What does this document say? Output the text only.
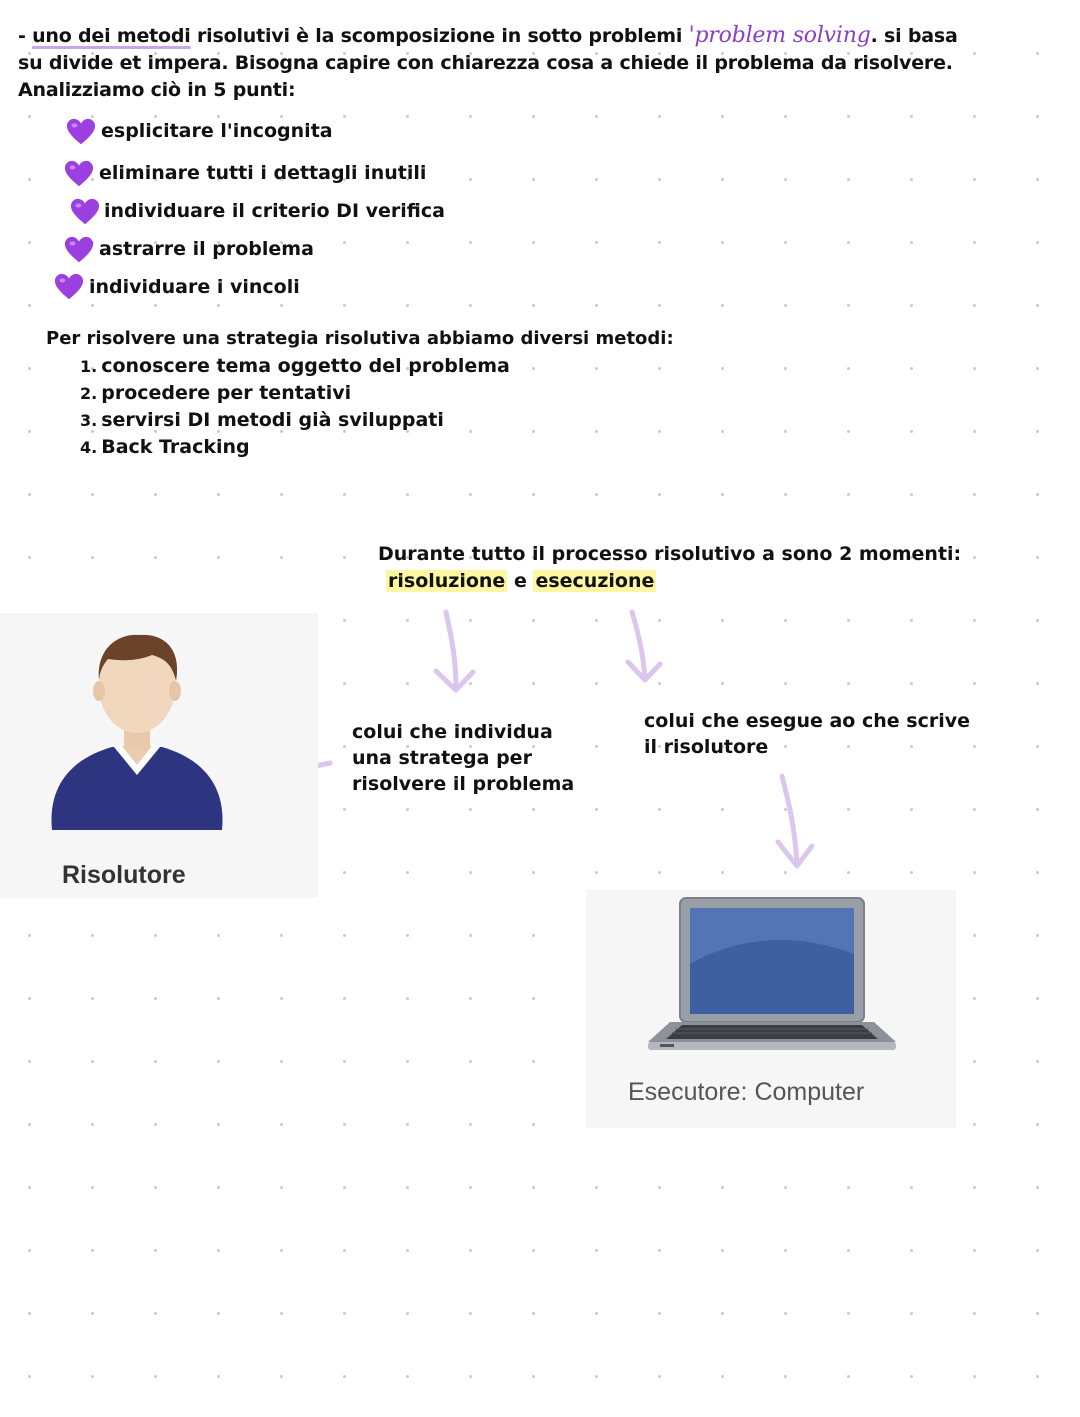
- uno dei metodi risolutivi è la scomposizione in sotto problemi 'problem solving. si basa
su divide et impera. Bisogna capire con chiarezza cosa a chiede il problema da risolvere.
Analizziamo ciò in 5 punti:
esplicitare l'incognita
eliminare tutti i dettagli inutili
individuare il criterio DI verifica
astrarre il problema
individuare i vincoli
Per risolvere una strategia risolutiva abbiamo diversi metodi:
1. conoscere tema oggetto del problema
2. procedere per tentativi
3. servirsi DI metodi già sviluppati
4. Back Tracking
Durante tutto il processo risolutivo a sono 2 momenti:
risoluzione e esecuzione
colui che individua
una stratega per
risolvere il problema
colui che esegue ao che scrive
il risolutore
Risolutore
Esecutore: Computer
